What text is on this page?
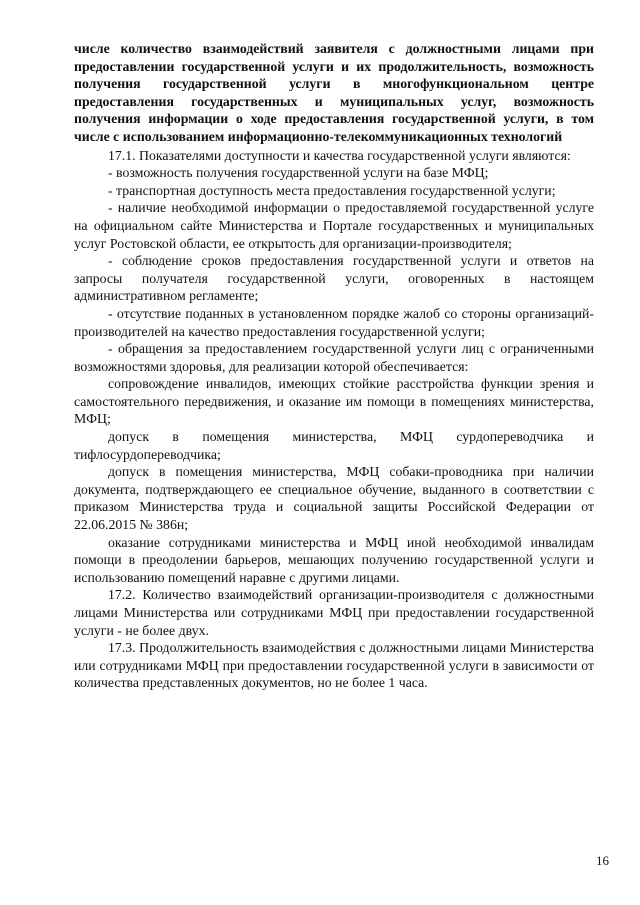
числе количество взаимодействий заявителя с должностными лицами при предоставлении государственной услуги и их продолжительность, возможность получения государственной услуги в многофункциональном центре предоставления государственных и муниципальных услуг, возможность получения информации о ходе предоставления государственной услуги, в том числе с использованием информационно-телекоммуникационных технологий

17.1. Показателями доступности и качества государственной услуги являются:

- возможность получения государственной услуги на базе МФЦ;

- транспортная доступность места предоставления государственной услуги;

- наличие необходимой информации о предоставляемой государственной услуге на официальном сайте Министерства и Портале государственных и муниципальных услуг Ростовской области, ее открытость для организации-производителя;

- соблюдение сроков предоставления государственной услуги и ответов на запросы получателя государственной услуги, оговоренных в настоящем административном регламенте;

- отсутствие поданных в установленном порядке жалоб со стороны организаций-производителей на качество предоставления государственной услуги;

- обращения за предоставлением государственной услуги лиц с ограниченными возможностями здоровья, для реализации которой обеспечивается:

сопровождение инвалидов, имеющих стойкие расстройства функции зрения и самостоятельного передвижения, и оказание им помощи в помещениях министерства, МФЦ;

допуск в помещения министерства, МФЦ сурдопереводчика и тифлосурдопереводчика;

допуск в помещения министерства, МФЦ собаки-проводника при наличии документа, подтверждающего ее специальное обучение, выданного в соответствии с приказом Министерства труда и социальной защиты Российской Федерации от 22.06.2015 № 386н;

оказание сотрудниками министерства и МФЦ иной необходимой инвалидам помощи в преодолении барьеров, мешающих получению государственной услуги и использованию помещений наравне с другими лицами.

17.2. Количество взаимодействий организации-производителя с должностными лицами Министерства или сотрудниками МФЦ при предоставлении государственной услуги - не более двух.

17.3. Продолжительность взаимодействия с должностными лицами Министерства или сотрудниками МФЦ при предоставлении государственной услуги в зависимости от количества представленных документов, но не более 1 часа.

16
